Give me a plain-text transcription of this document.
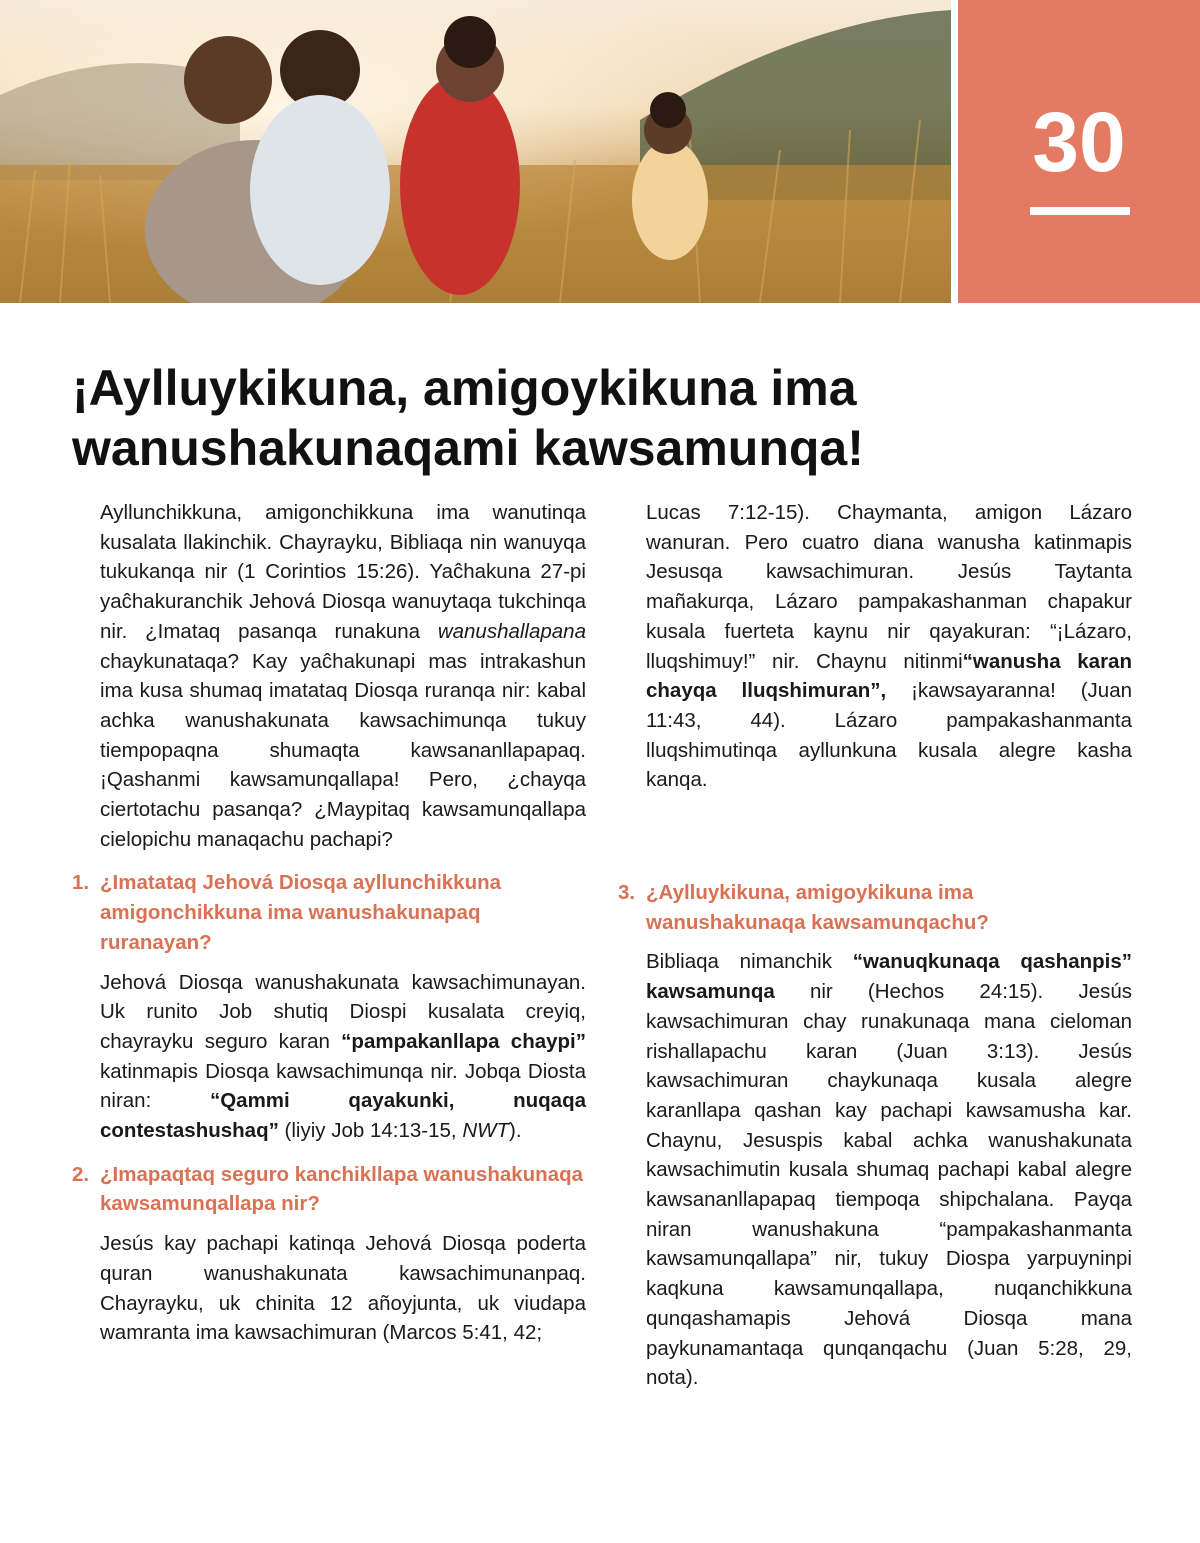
30
¡Aylluykikuna, amigoykikuna ima wanushakunaqami kawsamunqa!

Ayllunchikkuna, amigonchikkuna ima wanutinqa kusalata llakinchik. Chayrayku, Bibliaqa nin wanuyqa tukukanqa nir (1 Corintios 15:26). Yaĉhakuna 27-pi yaĉhakuranchik Jehová Diosqa wanuytaqa tukchinqa nir. ¿Imataq pasanqa runakuna wanushallapana chaykunataqa? Kay yaĉhakunapi mas intrakashun ima kusa shumaq imatataq Diosqa ruranqa nir: kabal achka wanushakunata kawsachimunqa tukuy tiempopaqna shumaqta kawsananllapapaq. ¡Qashanmi kawsamunqallapa! Pero, ¿chayqa ciertotachu pasanqa? ¿Maypitaq kawsamunqallapa cielopichu manaqachu pachapi?

1. ¿Imatataq Jehová Diosqa ayllunchikkuna amigonchikkuna ima wanushakunapaq ruranayan?

Jehová Diosqa wanushakunata kawsachimunayan. Uk runito Job shutiq Diospi kusalata creyiq, chayrayku seguro karan “pampakanllapa chaypi” katinmapis Diosqa kawsachimunqa nir. Jobqa Diosta niran: “Qammi qayakunki, nuqaqa contestashushaq” (liyiy Job 14:13-15, NWT).

2. ¿Imapaqtaq seguro kanchikllapa wanushakunaqa kawsamunqallapa nir?

Jesús kay pachapi katinqa Jehová Diosqa poderta quran wanushakunata kawsachimunanpaq. Chayrayku, uk chinita 12 añoyjunta, uk viudapa wamranta ima kawsachimuran (Marcos 5:41, 42;

Lucas 7:12-15). Chaymanta, amigon Lázaro wanuran. Pero cuatro diana wanusha katinmapis Jesusqa kawsachimuran. Jesús Taytanta mañakurqa, Lázaro pampakashanman chapakur kusala fuerteta kaynu nir qayakuran: “¡Lázaro, lluqshimuy!” nir. Chaynu nitinmi“wanusha karan chayqa lluqshimuran”, ¡kawsayaranna! (Juan 11:43, 44). Lázaro pampakashanmanta lluqshimutinqa ayllunkuna kusala alegre kasha kanqa.

3. ¿Aylluykikuna, amigoykikuna ima wanushakunaqa kawsamunqachu?

Bibliaqa nimanchik “wanuqkunaqa qashanpis” kawsamunqa nir (Hechos 24:15). Jesús kawsachimuran chay runakunaqa mana cieloman rishallapachu karan (Juan 3:13). Jesús kawsachimuran chaykunaqa kusala alegre karanllapa qashan kay pachapi kawsamusha kar. Chaynu, Jesuspis kabal achka wanushakunata kawsachimutin kusala shumaq pachapi kabal alegre kawsananllapapaq tiempoqa shipchalana. Payqa niran wanushakuna “pampakashanmanta kawsamunqallapa” nir, tukuy Diospa yarpuyninpi kaqkuna kawsamunqallapa, nuqanchikkuna qunqashamapis Jehová Diosqa mana paykunamantaqa qunqanqachu (Juan 5:28, 29, nota).
